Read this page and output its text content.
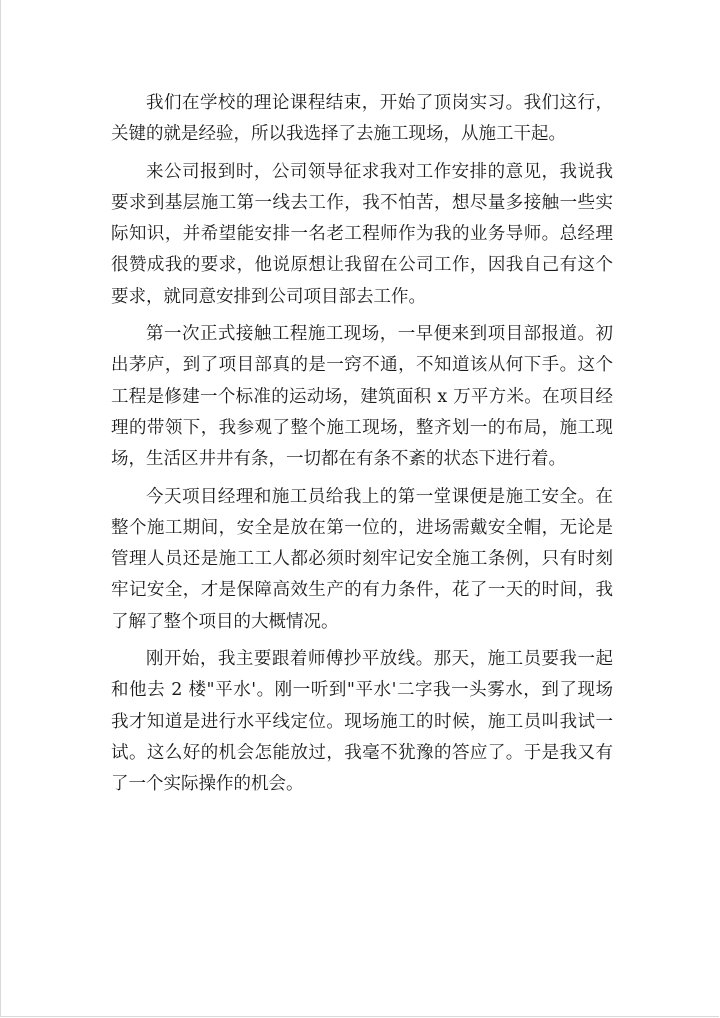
我们在学校的理论课程结束，开始了顶岗实习。我们这行，关键的就是经验，所以我选择了去施工现场，从施工干起。

来公司报到时，公司领导征求我对工作安排的意见，我说我要求到基层施工第一线去工作，我不怕苦，想尽量多接触一些实际知识，并希望能安排一名老工程师作为我的业务导师。总经理很赞成我的要求，他说原想让我留在公司工作，因我自己有这个要求，就同意安排到公司项目部去工作。

第一次正式接触工程施工现场，一早便来到项目部报道。初出茅庐，到了项目部真的是一窍不通，不知道该从何下手。这个工程是修建一个标准的运动场，建筑面积 x 万平方米。在项目经理的带领下，我参观了整个施工现场，整齐划一的布局，施工现场，生活区井井有条，一切都在有条不紊的状态下进行着。

今天项目经理和施工员给我上的第一堂课便是施工安全。在整个施工期间，安全是放在第一位的，进场需戴安全帽，无论是管理人员还是施工工人都必须时刻牢记安全施工条例，只有时刻牢记安全，才是保障高效生产的有力条件，花了一天的时间，我了解了整个项目的大概情况。

刚开始，我主要跟着师傅抄平放线。那天，施工员要我一起和他去 2 楼"平水'。刚一听到"平水'二字我一头雾水，到了现场我才知道是进行水平线定位。现场施工的时候，施工员叫我试一试。这么好的机会怎能放过，我毫不犹豫的答应了。于是我又有了一个实际操作的机会。
